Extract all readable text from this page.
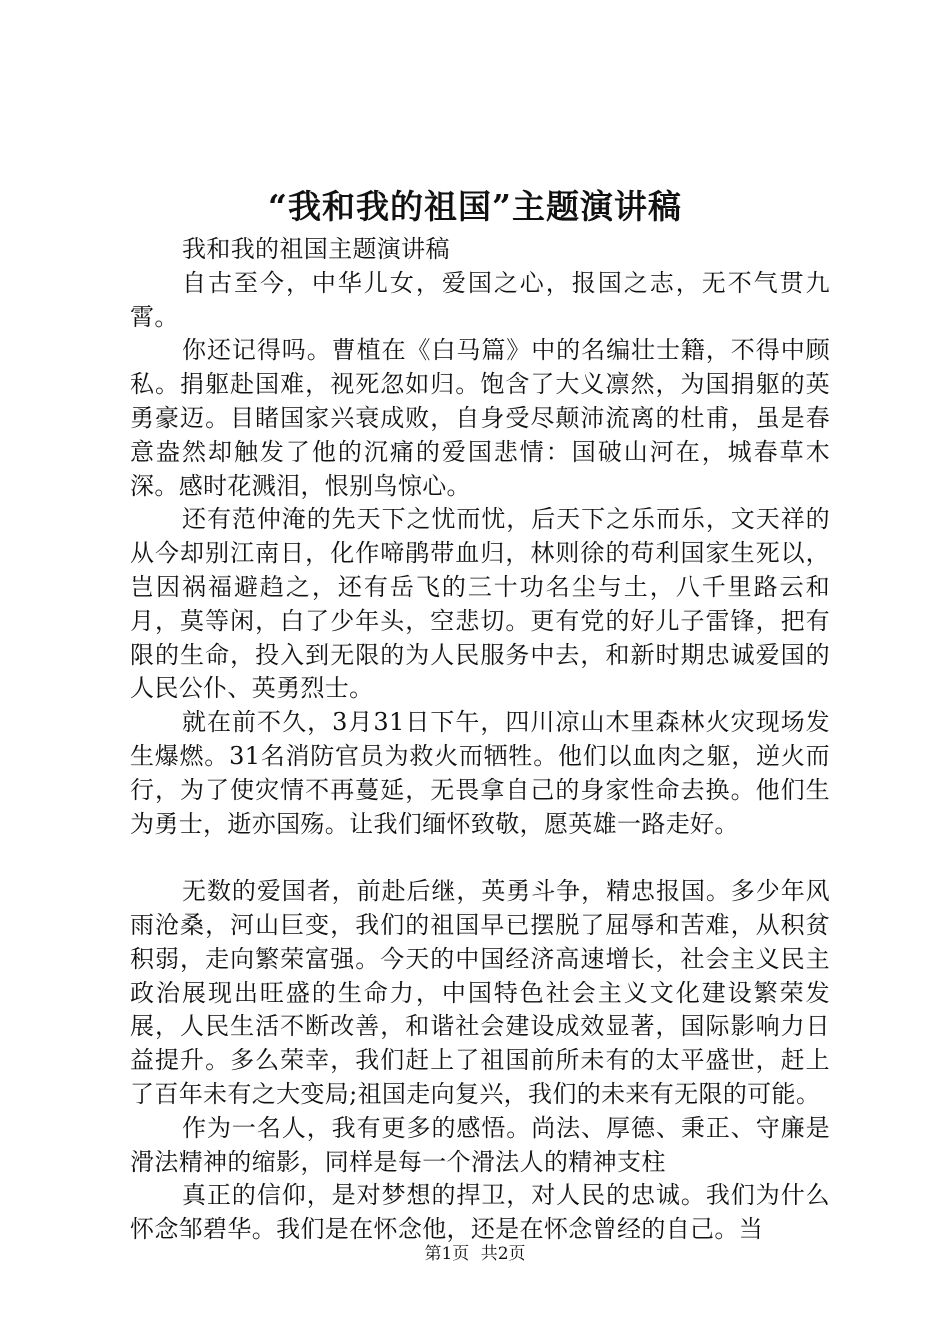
“我和我的祖国”主题演讲稿

我和我的祖国主题演讲稿

自古至今，中华儿女，爱国之心，报国之志，无不气贯九霄。

你还记得吗。曹植在《白马篇》中的名编壮士籍，不得中顾私。捐躯赴国难，视死忽如归。饱含了大义凛然，为国捐躯的英勇豪迈。目睹国家兴衰成败，自身受尽颠沛流离的杜甫，虽是春意盎然却触发了他的沉痛的爱国悲情：国破山河在，城春草木深。感时花溅泪，恨别鸟惊心。

还有范仲淹的先天下之忧而忧，后天下之乐而乐，文天祥的从今却别江南日，化作啼鹃带血归，林则徐的苟利国家生死以，岂因祸福避趋之，还有岳飞的三十功名尘与土，八千里路云和月，莫等闲，白了少年头，空悲切。更有党的好儿子雷锋，把有限的生命，投入到无限的为人民服务中去，和新时期忠诚爱国的人民公仆、英勇烈士。

就在前不久，3月31日下午，四川凉山木里森林火灾现场发生爆燃。31名消防官员为救火而牺牲。他们以血肉之躯，逆火而行，为了使灾情不再蔓延，无畏拿自己的身家性命去换。他们生为勇士，逝亦国殇。让我们缅怀致敬，愿英雄一路走好。

无数的爱国者，前赴后继，英勇斗争，精忠报国。多少年风雨沧桑，河山巨变，我们的祖国早已摆脱了屈辱和苦难，从积贫积弱，走向繁荣富强。今天的中国经济高速增长，社会主义民主政治展现出旺盛的生命力，中国特色社会主义文化建设繁荣发展，人民生活不断改善，和谐社会建设成效显著，国际影响力日益提升。多么荣幸，我们赶上了祖国前所未有的太平盛世，赶上了百年未有之大变局;祖国走向复兴，我们的未来有无限的可能。

作为一名人，我有更多的感悟。尚法、厚德、秉正、守廉是滑法精神的缩影，同样是每一个滑法人的精神支柱

真正的信仰，是对梦想的捍卫，对人民的忠诚。我们为什么怀念邹碧华。我们是在怀念他，还是在怀念曾经的自己。当

第1页 共2页
